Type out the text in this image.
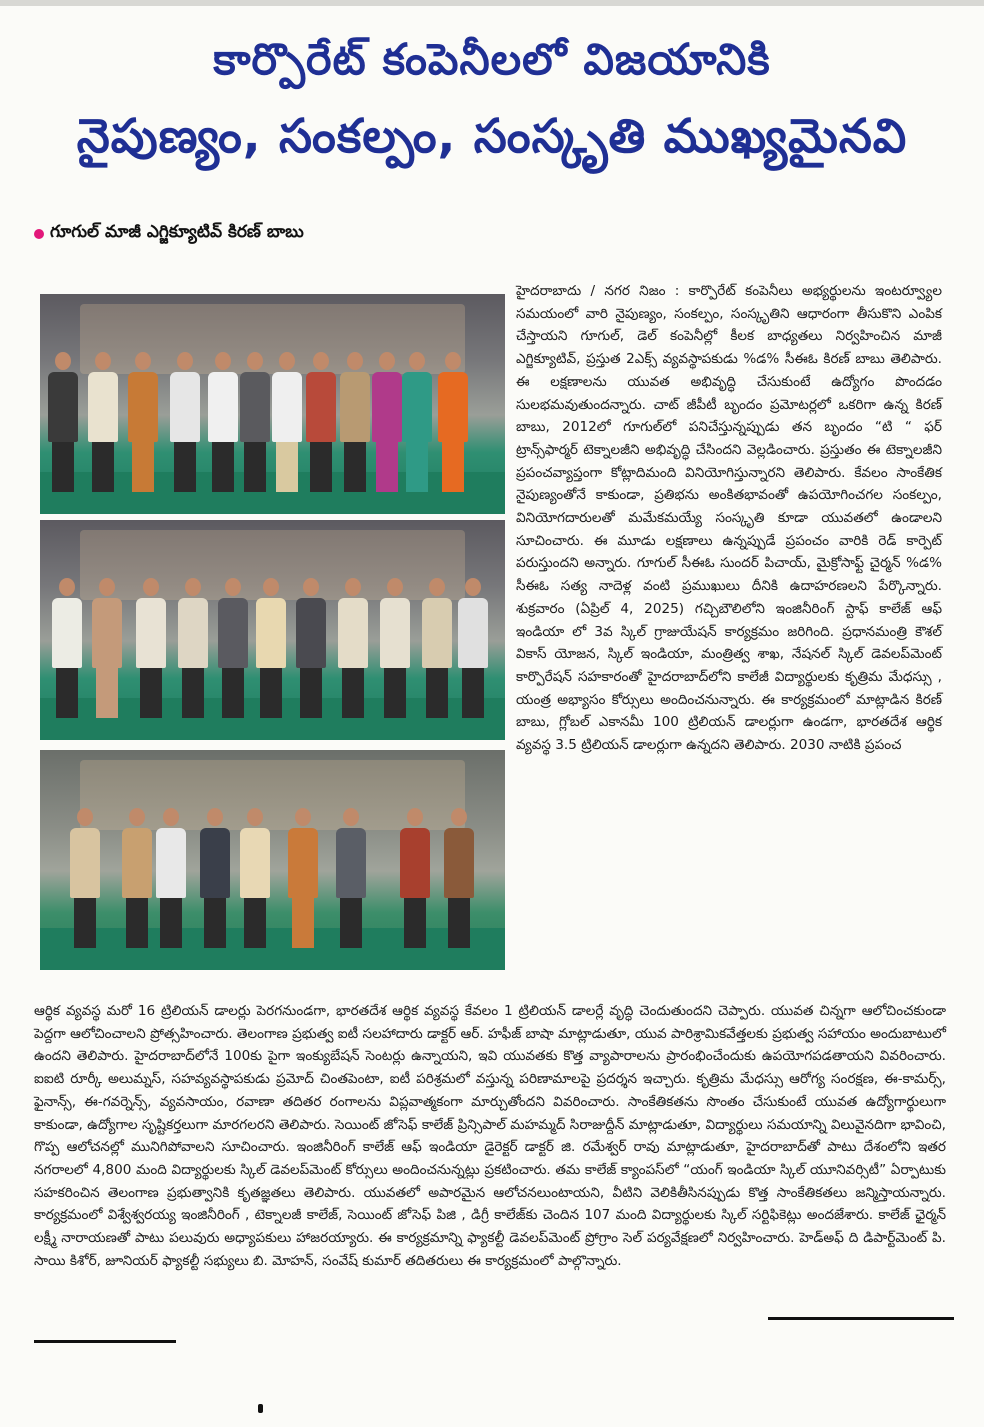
కార్పొరేట్ కంపెనీలలో విజయానికి
నైపుణ్యం, సంకల్పం, సంస్కృతి ముఖ్యమైనవి
గూగుల్ మాజీ ఎగ్జిక్యూటివ్ కిరణ్ బాబు
హైదరాబాదు / నగర నిజం : కార్పొరేట్ కంపెనీలు అభ్యర్థులను ఇంటర్వ్యూల సమయంలో వారి నైపుణ్యం, సంకల్పం, సంస్కృతిని ఆధారంగా తీసుకొని ఎంపిక చేస్తాయని గూగుల్, డెల్ కంపెనీల్లో కీలక బాధ్యతలు నిర్వహించిన మాజీ ఎగ్జిక్యూటివ్, ప్రస్తుత 2ఎక్స్ వ్యవస్థాపకుడు %డ% సీఈఓ కిరణ్ బాబు తెలిపారు. ఈ లక్షణాలను యువత అభివృద్ధి చేసుకుంటే ఉద్యోగం పొందడం సులభమవుతుందన్నారు. చాట్ జీపీటీ బృందం ప్రమోటర్లలో ఒకరిగా ఉన్న కిరణ్ బాబు, 2012లో గూగుల్‌లో పనిచేస్తున్నప్పుడు తన బృందం “టి “ ఫర్ ట్రాన్స్‌ఫార్మర్ టెక్నాలజీని అభివృద్ధి చేసిందని వెల్లడించారు. ప్రస్తుతం ఈ టెక్నాలజీని ప్రపంచవ్యాప్తంగా కోట్లాదిమంది వినియోగిస్తున్నారని తెలిపారు. కేవలం సాంకేతిక నైపుణ్యంతోనే కాకుండా, ప్రతిభను అంకితభావంతో ఉపయోగించగల సంకల్పం, వినియోగదారులతో మమేకమయ్యే సంస్కృతి కూడా యువతలో ఉండాలని సూచించారు. ఈ మూడు లక్షణాలు ఉన్నప్పుడే ప్రపంచం వారికి రెడ్ కార్పెట్ పరుస్తుందని అన్నారు. గూగుల్ సీఈఓ సుందర్ పిచాయ్, మైక్రోసాఫ్ట్ చైర్మన్ %డ% సీఈఓ సత్య నాదెళ్ల వంటి ప్రముఖులు దీనికి ఉదాహరణలని పేర్కొన్నారు. శుక్రవారం (ఏప్రిల్ 4, 2025) గచ్చిబౌలిలోని ఇంజినీరింగ్ స్టాఫ్ కాలేజ్ ఆఫ్ ఇండియా లో 3వ స్కిల్ గ్రాజుయేషన్ కార్యక్రమం జరిగింది. ప్రధానమంత్రి కౌశల్ వికాస్ యోజన, స్కిల్ ఇండియా, మంత్రిత్వ శాఖ, నేషనల్ స్కిల్ డెవలప్‌మెంట్ కార్పొరేషన్ సహకారంతో హైదరాబాద్‌లోని కాలేజీ విద్యార్థులకు కృత్రిమ మేధస్సు , యంత్ర అభ్యాసం కోర్సులు అందించనున్నారు. ఈ కార్యక్రమంలో మాట్లాడిన కిరణ్ బాబు, గ్లోబల్ ఎకానమీ 100 ట్రిలియన్ డాలర్లుగా ఉండగా, భారతదేశ ఆర్థిక వ్యవస్థ 3.5 ట్రిలియన్ డాలర్లుగా ఉన్నదని తెలిపారు. 2030 నాటికి ప్రపంచ
ఆర్థిక వ్యవస్థ మరో 16 ట్రిలియన్ డాలర్లు పెరగనుండగా, భారతదేశ ఆర్థిక వ్యవస్థ కేవలం 1 ట్రిలియన్ డాలర్లే వృద్ధి చెందుతుందని చెప్పారు. యువత చిన్నగా ఆలోచించకుండా పెద్దగా ఆలోచించాలని ప్రోత్సహించారు. తెలంగాణ ప్రభుత్వ ఐటీ సలహాదారు డాక్టర్ ఆర్. హఫీజ్ బాషా మాట్లాడుతూ, యువ పారిశ్రామికవేత్తలకు ప్రభుత్వ సహాయం అందుబాటులో ఉందని తెలిపారు. హైదరాబాద్‌లోనే 100కు పైగా ఇంక్యుబేషన్ సెంటర్లు ఉన్నాయని, ఇవి యువతకు కొత్త వ్యాపారాలను ప్రారంభించేందుకు ఉపయోగపడతాయని వివరించారు. ఐఐటి రూర్కీ అలుమ్నస్, సహవ్యవస్థాపకుడు ప్రమోద్ చింతపెంటా, ఐటీ పరిశ్రమలో వస్తున్న పరిణామాలపై ప్రదర్శన ఇచ్చారు. కృత్రిమ మేధస్సు ఆరోగ్య సంరక్షణ, ఈ-కామర్స్, ఫైనాన్స్, ఈ-గవర్నెన్స్, వ్యవసాయం, రవాణా తదితర రంగాలను విప్లవాత్మకంగా మార్చుతోందని వివరించారు. సాంకేతికతను సొంతం చేసుకుంటే యువత ఉద్యోగార్థులుగా కాకుండా, ఉద్యోగాల సృష్టికర్తలుగా మారగలరని తెలిపారు. సెయింట్ జోసెఫ్ కాలేజ్ ప్రిన్సిపాల్ మహమ్మద్ సిరాజుద్దీన్ మాట్లాడుతూ, విద్యార్థులు సమయాన్ని విలువైనదిగా భావించి, గొప్ప ఆలోచనల్లో మునిగిపోవాలని సూచించారు. ఇంజినీరింగ్ కాలేజ్ ఆఫ్ ఇండియా డైరెక్టర్ డాక్టర్ జి. రమేశ్వర్ రావు మాట్లాడుతూ, హైదరాబాద్‌తో పాటు దేశంలోని ఇతర నగరాలలో 4,800 మంది విద్యార్థులకు స్కిల్ డెవలప్‌మెంట్ కోర్సులు అందించనున్నట్లు ప్రకటించారు. తమ కాలేజ్ క్యాంపస్‌లో “యంగ్ ఇండియా స్కిల్ యూనివర్సిటీ” ఏర్పాటుకు సహకరించిన తెలంగాణ ప్రభుత్వానికి కృతజ్ఞతలు తెలిపారు. యువతలో అపారమైన ఆలోచనలుంటాయని, వీటిని వెలికితీసినప్పుడు కొత్త సాంకేతికతలు జన్మిస్తాయన్నారు. కార్యక్రమంలో విశ్వేశ్వరయ్య ఇంజినీరింగ్ , టెక్నాలజీ కాలేజ్, సెయింట్ జోసెఫ్ పిజి , డిగ్రీ కాలేజ్‌కు చెందిన 107 మంది విద్యార్థులకు స్కిల్ సర్టిఫికెట్లు అందజేశారు. కాలేజ్ ఛైర్మన్ లక్ష్మీ నారాయణతో పాటు పలువురు అధ్యాపకులు హాజరయ్యారు. ఈ కార్యక్రమాన్ని ఫ్యాకల్టీ డెవలప్‌మెంట్ ప్రోగ్రాం సెల్ పర్యవేక్షణలో నిర్వహించారు. హెడ్‌అఫ్ ది డిపార్ట్‌మెంట్ పి. సాయి కిశోర్, జూనియర్ ఫ్యాకల్టీ సభ్యులు బి. మోహన్, సంవేష్ కుమార్ తదితరులు ఈ కార్యక్రమంలో పాల్గొన్నారు.
